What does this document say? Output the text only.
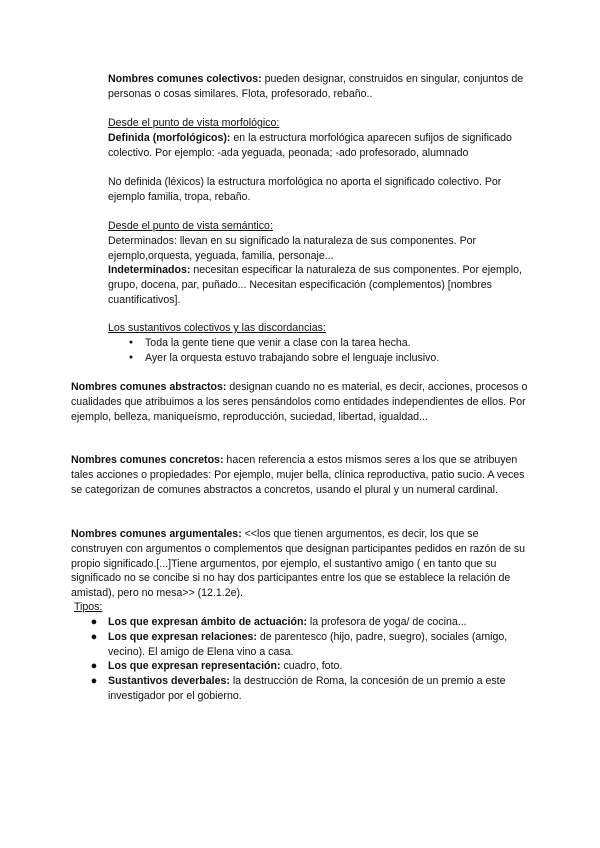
Nombres comunes colectivos: pueden designar, construidos en singular, conjuntos de personas o cosas similares. Flota, profesorado, rebaño..

Desde el punto de vista morfológico:

Definida (morfológicos): en la estructura morfológica aparecen sufijos de significado colectivo. Por ejemplo: -ada yeguada, peonada; -ado profesorado, alumnado

No definida (léxicos) la estructura morfológica no aporta el significado colectivo. Por ejemplo familia, tropa, rebaño.

Desde el punto de vista semántico:

Determinados: llevan en su significado la naturaleza de sus componentes. Por ejemplo,orquesta, yeguada, familia, personaje...

Indeterminados: necesitan especificar la naturaleza de sus componentes. Por ejemplo, grupo, docena, par, puñado... Necesitan especificación (complementos) [nombres cuantificativos].

Los sustantivos colectivos y las discordancias:

● Toda la gente tiene que venir a clase con la tarea hecha.
● Ayer la orquesta estuvo trabajando sobre el lenguaje inclusivo.

Nombres comunes abstractos: designan cuando no es material, es decir, acciones, procesos o cualidades que atribuimos a los seres pensándolos como entidades independientes de ellos. Por ejemplo, belleza, maniqueísmo, reproducción, suciedad, libertad, igualdad...

Nombres comunes concretos: hacen referencia a estos mismos seres a los que se atribuyen tales acciones o propiedades: Por ejemplo, mujer bella, clínica reproductiva, patio sucio. A veces se categorizan de comunes abstractos a concretos, usando el plural y un numeral cardinal.

Nombres comunes argumentales: <<los que tienen argumentos, es decir, los que se construyen con argumentos o complementos que designan participantes pedidos en razón de su propio significado.[...]Tiene argumentos, por ejemplo, el sustantivo amigo ( en tanto que su significado no se concibe si no hay dos participantes entre los que se establece la relación de amistad), pero no mesa>> (12.1.2e).

Tipos:

● Los que expresan ámbito de actuación: la profesora de yoga/ de cocina...
● Los que expresan relaciones: de parentesco (hijo, padre, suegro), sociales (amigo, vecino). El amigo de Elena vino a casa.
● Los que expresan representación: cuadro, foto.
● Sustantivos deverbales: la destrucción de Roma, la concesión de un premio a este investigador por el gobierno.
